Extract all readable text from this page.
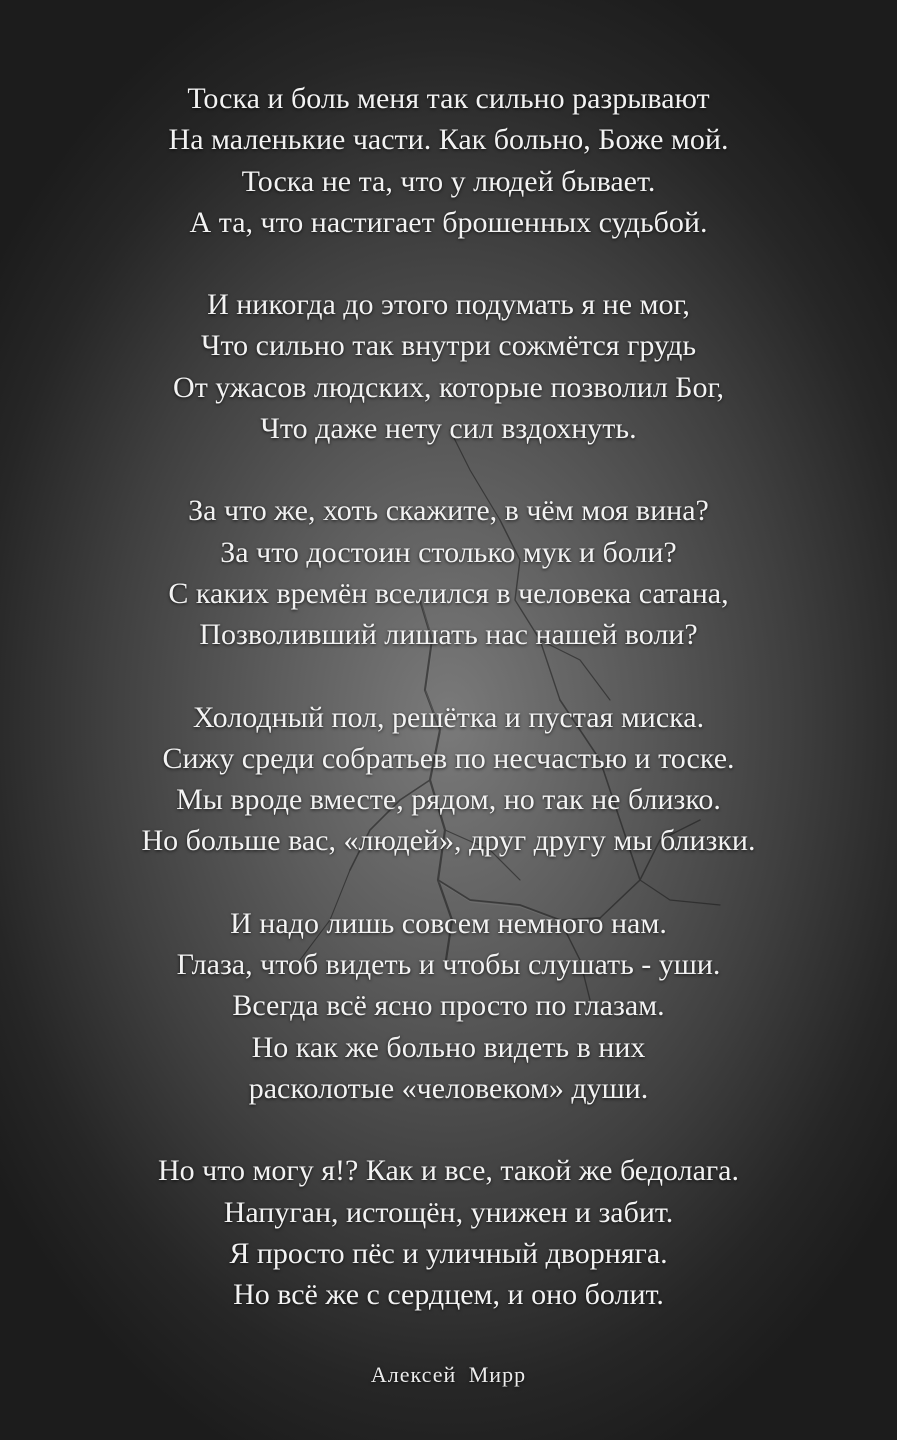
Тоска и боль меня так сильно разрывают
На маленькие части. Как больно, Боже мой.
Тоска не та, что у людей бывает.
А та, что настигает брошенных судьбой.
И никогда до этого подумать я не мог,
Что сильно так внутри сожмётся грудь
От ужасов людских, которые позволил Бог,
Что даже нету сил вздохнуть.
За что же, хоть скажите, в чём моя вина?
За что достоин столько мук и боли?
С каких времён вселился в человека сатана,
Позволивший лишать нас нашей воли?
Холодный пол, решётка и пустая миска.
Сижу среди собратьев по несчастью и тоске.
Мы вроде вместе, рядом, но так не близко.
Но больше вас, «людей», друг другу мы близки.
И надо лишь совсем немного нам.
Глаза, чтоб видеть и чтобы слушать - уши.
Всегда всё ясно просто по глазам.
Но как же больно видеть в них
расколотые «человеком» души.
Но что могу я!? Как и все, такой же бедолага.
Напуган, истощён, унижен и забит.
Я просто пёс и уличный дворняга.
Но всё же с сердцем, и оно болит.
Алексей Мирр
